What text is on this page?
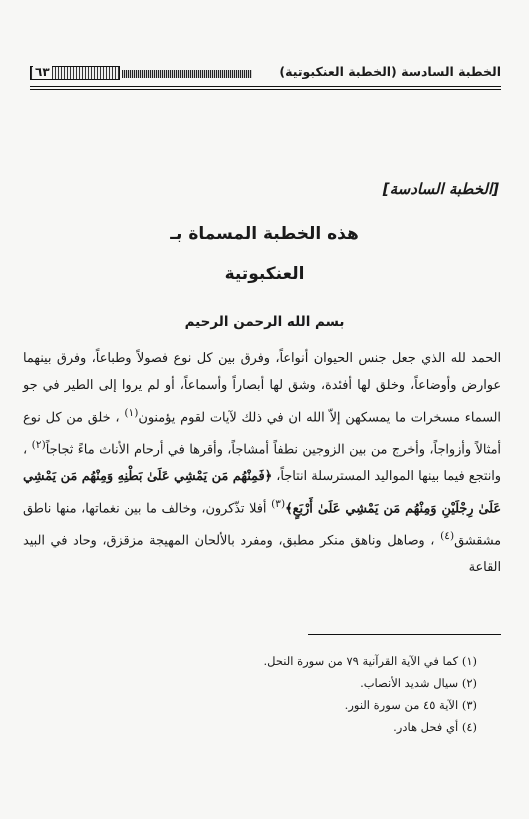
الخطبة السادسة (الخطبة العنكبوتية)
٦٣
[الخطبة السادسة]
هذه الخطبة المسماة بـ
العنكبوتية
بسم الله الرحمن الرحيم

الحمد لله الذي جعل جنس الحيوان أنواعاً، وفرق بين كل نوع فصولاً وطباعاً، وفرق بينهما عوارض وأوضاعاً، وخلق لها أفئدة، وشق لها أبصاراً وأسماعاً، أو لم يروا إلى الطير في جو السماء مسخرات ما يمسكهن إلاّ الله ان في ذلك لآيات لقوم يؤمنون$^{(١)}$ ، خلق من كل نوع أمثالاً وأزواجاً، وأخرج من بين الزوجين نطفاً أمشاجاً، وأقرها في أرحام الأناث ماءً ثجاجاً$^{(٢)}$ ، وانتجع فيما بينها المواليد المسترسلة انتاجاً، ﴿فَمِنْهُم مَن يَمْشِي عَلَىٰ بَطْنِهِ وَمِنْهُم مَن يَمْشِي عَلَىٰ رِجْلَيْنِ وَمِنْهُم مَن يَمْشِي عَلَىٰ أَرْبَعٍ﴾$^{(٣)}$ أفلا تذّكرون، وخالف ما بين نغماتها، منها ناطق مشقشق$^{(٤)}$ ، وصاهل وناهق منكر مطبق، ومفرد بالألحان المهيجة مزقزق، وحاد في البيد القاعة

(١) كما في الآية القرآنية ٧٩ من سورة النحل.
(٢) سيال شديد الأنصاب.
(٣) الآية ٤٥ من سورة النور.
(٤) أي فحل هادر.
